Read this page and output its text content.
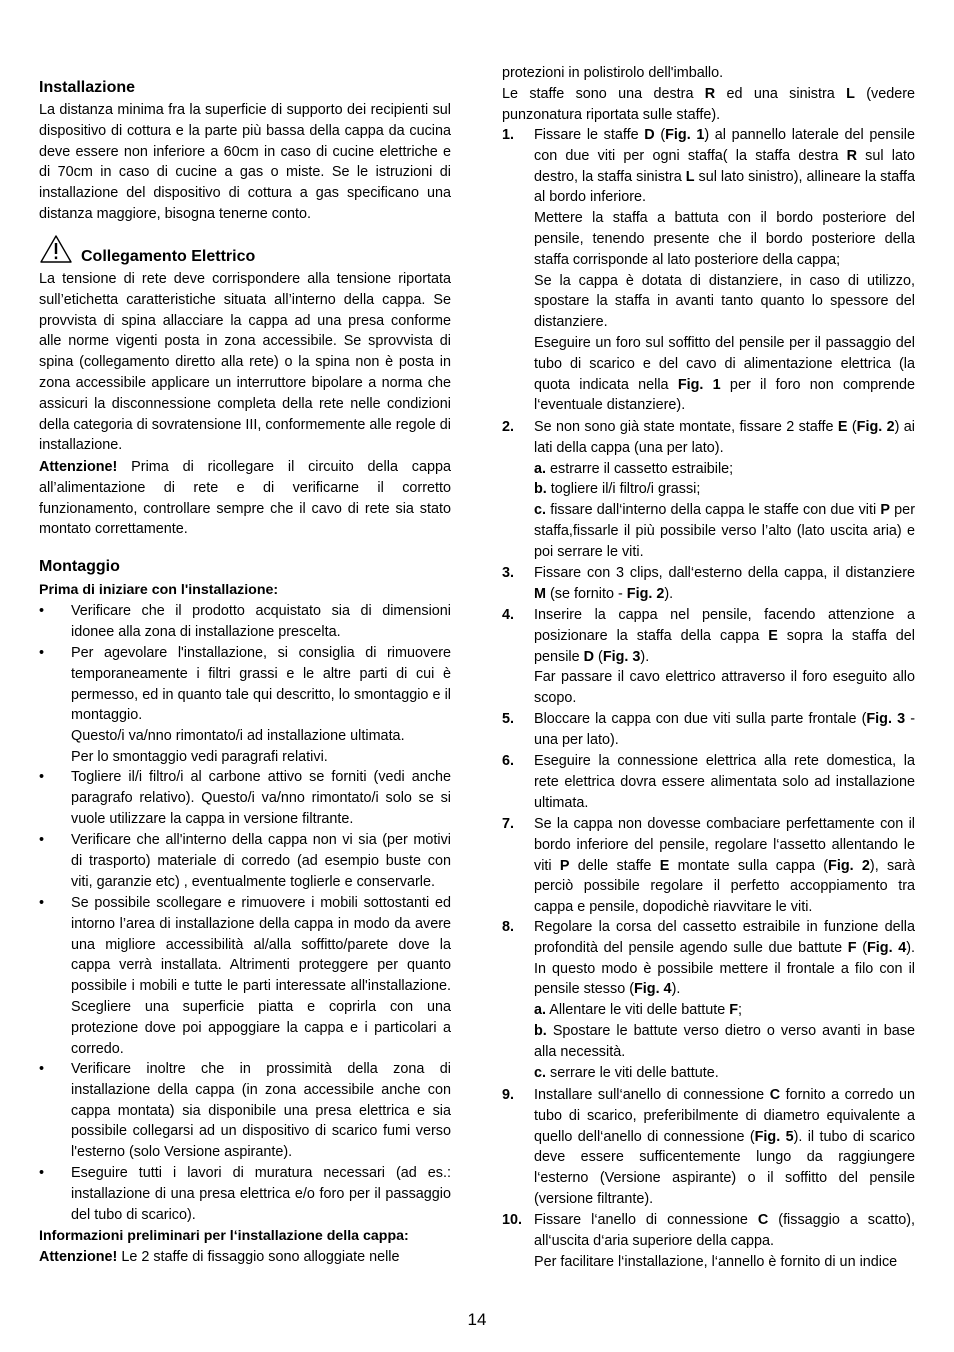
Installazione
La distanza minima fra la superficie di supporto dei recipienti sul dispositivo di cottura e la parte più bassa della cappa da cucina deve essere non inferiore a 60cm in caso di cucine elettriche e di 70cm in caso di cucine a gas o miste. Se le istruzioni di installazione del dispositivo di cottura a gas specificano una distanza maggiore, bisogna tenerne conto.
Collegamento Elettrico
La tensione di rete deve corrispondere alla tensione riportata sull’etichetta caratteristiche situata all’interno della cappa. Se provvista di spina allacciare la cappa ad una presa conforme alle norme vigenti posta in zona accessibile. Se sprovvista di spina (collegamento diretto alla rete) o la spina non è posta in zona accessibile applicare un interruttore bipolare a norma che assicuri la disconnessione completa della rete nelle condizioni della categoria di sovratensione III, conformemente alle regole di installazione.
Attenzione! Prima di ricollegare il circuito della cappa all’alimentazione di rete e di verificarne il corretto funzionamento, controllare sempre che il cavo di rete sia stato montato correttamente.
Montaggio
Prima di iniziare con l'installazione:
• Verificare che il prodotto acquistato sia di dimensioni idonee alla zona di installazione prescelta.
• Per agevolare l'installazione, si consiglia di rimuovere temporaneamente i filtri grassi e le altre parti di cui è permesso, ed in quanto tale qui descritto, lo smontaggio e il montaggio.
Questo/i va/nno rimontato/i ad installazione ultimata.
Per lo smontaggio vedi paragrafi relativi.
• Togliere il/i filtro/i al carbone attivo se forniti (vedi anche paragrafo relativo). Questo/i va/nno rimontato/i solo se si vuole utilizzare la cappa in versione filtrante.
• Verificare che all'interno della cappa non vi sia (per motivi di trasporto) materiale di corredo (ad esempio buste con viti, garanzie etc) , eventualmente toglierle e conservarle.
• Se possibile scollegare e rimuovere i mobili sottostanti ed intorno l’area di installazione della cappa in modo da avere una migliore accessibilità al/alla soffitto/parete dove la cappa verrà installata. Altrimenti proteggere per quanto possibile i mobili e tutte le parti interessate all'installazione. Scegliere una superficie piatta e coprirla con una protezione dove poi appoggiare la cappa e i particolari a corredo.
• Verificare inoltre che in prossimità della zona di installazione della cappa (in zona accessibile anche con cappa montata) sia disponibile una presa elettrica e sia possibile collegarsi ad un dispositivo di scarico fumi verso l'esterno (solo Versione aspirante).
• Eseguire tutti i lavori di muratura necessari (ad es.: installazione di una presa elettrica e/o foro per il passaggio del tubo di scarico).
Informazioni preliminari per l‘installazione della cappa:
Attenzione! Le 2 staffe di fissaggio sono alloggiate nelle
protezioni in polistirolo dell'imballo.
Le staffe sono una destra R ed una sinistra L (vedere punzonatura riportata sulle staffe).
1. Fissare le staffe D (Fig. 1) al pannello laterale del pensile con due viti per ogni staffa( la staffa destra R sul lato destro, la staffa sinistra L sul lato sinistro), allineare la staffa al bordo inferiore.
Mettere la staffa a battuta con il bordo posteriore del pensile, tenendo presente che il bordo posteriore della staffa corrisponde al lato posteriore della cappa;
Se la cappa è dotata di distanziere, in caso di utilizzo, spostare la staffa in avanti tanto quanto lo spessore del distanziere.
Eseguire un foro sul soffitto del pensile per il passaggio del tubo di scarico e del cavo di alimentazione elettrica (la quota indicata nella Fig. 1 per il foro non comprende l‘eventuale distanziere).
2. Se non sono già state montate, fissare 2 staffe E (Fig. 2) ai lati della cappa (una per lato).
a. estrarre il cassetto estraibile;
b. togliere il/i filtro/i grassi;
c. fissare dall‘interno della cappa le staffe con due viti P per staffa,fissarle il più possibile verso l’alto (lato uscita aria) e poi serrare le viti.
3. Fissare con 3 clips, dall‘esterno della cappa, il distanziere M (se fornito - Fig. 2).
4. Inserire la cappa nel pensile, facendo attenzione a posizionare la staffa della cappa E sopra la staffa del pensile D (Fig. 3).
Far passare il cavo elettrico attraverso il foro eseguito allo scopo.
5. Bloccare la cappa con due viti sulla parte frontale (Fig. 3 - una per lato).
6. Eseguire la connessione elettrica alla rete domestica, la rete elettrica dovra essere alimentata solo ad installazione ultimata.
7. Se la cappa non dovesse combaciare perfettamente con il bordo inferiore del pensile, regolare l‘assetto allentando le viti P delle staffe E montate sulla cappa (Fig. 2), sarà perciò possibile regolare il perfetto accoppiamento tra cappa e pensile, dopodichè riavvitare le viti.
8. Regolare la corsa del cassetto estraibile in funzione della profondità del pensile agendo sulle due battute F (Fig. 4). In questo modo è possibile mettere il frontale a filo con il pensile stesso (Fig. 4).
a. Allentare le viti delle battute F;
b. Spostare le battute verso dietro o verso avanti in base alla necessità.
c. serrare le viti delle battute.
9. Installare sull‘anello di connessione C fornito a corredo un tubo di scarico, preferibilmente di diametro equivalente a quello dell‘anello di connessione (Fig. 5). il tubo di scarico deve essere sufficentemente lungo da raggiungere l‘esterno (Versione aspirante) o il soffitto del pensile (versione filtrante).
10. Fissare l‘anello di connessione C (fissaggio a scatto), all‘uscita d‘aria superiore della cappa.
Per facilitare l‘installazione, l‘annello è fornito di un indice
14
